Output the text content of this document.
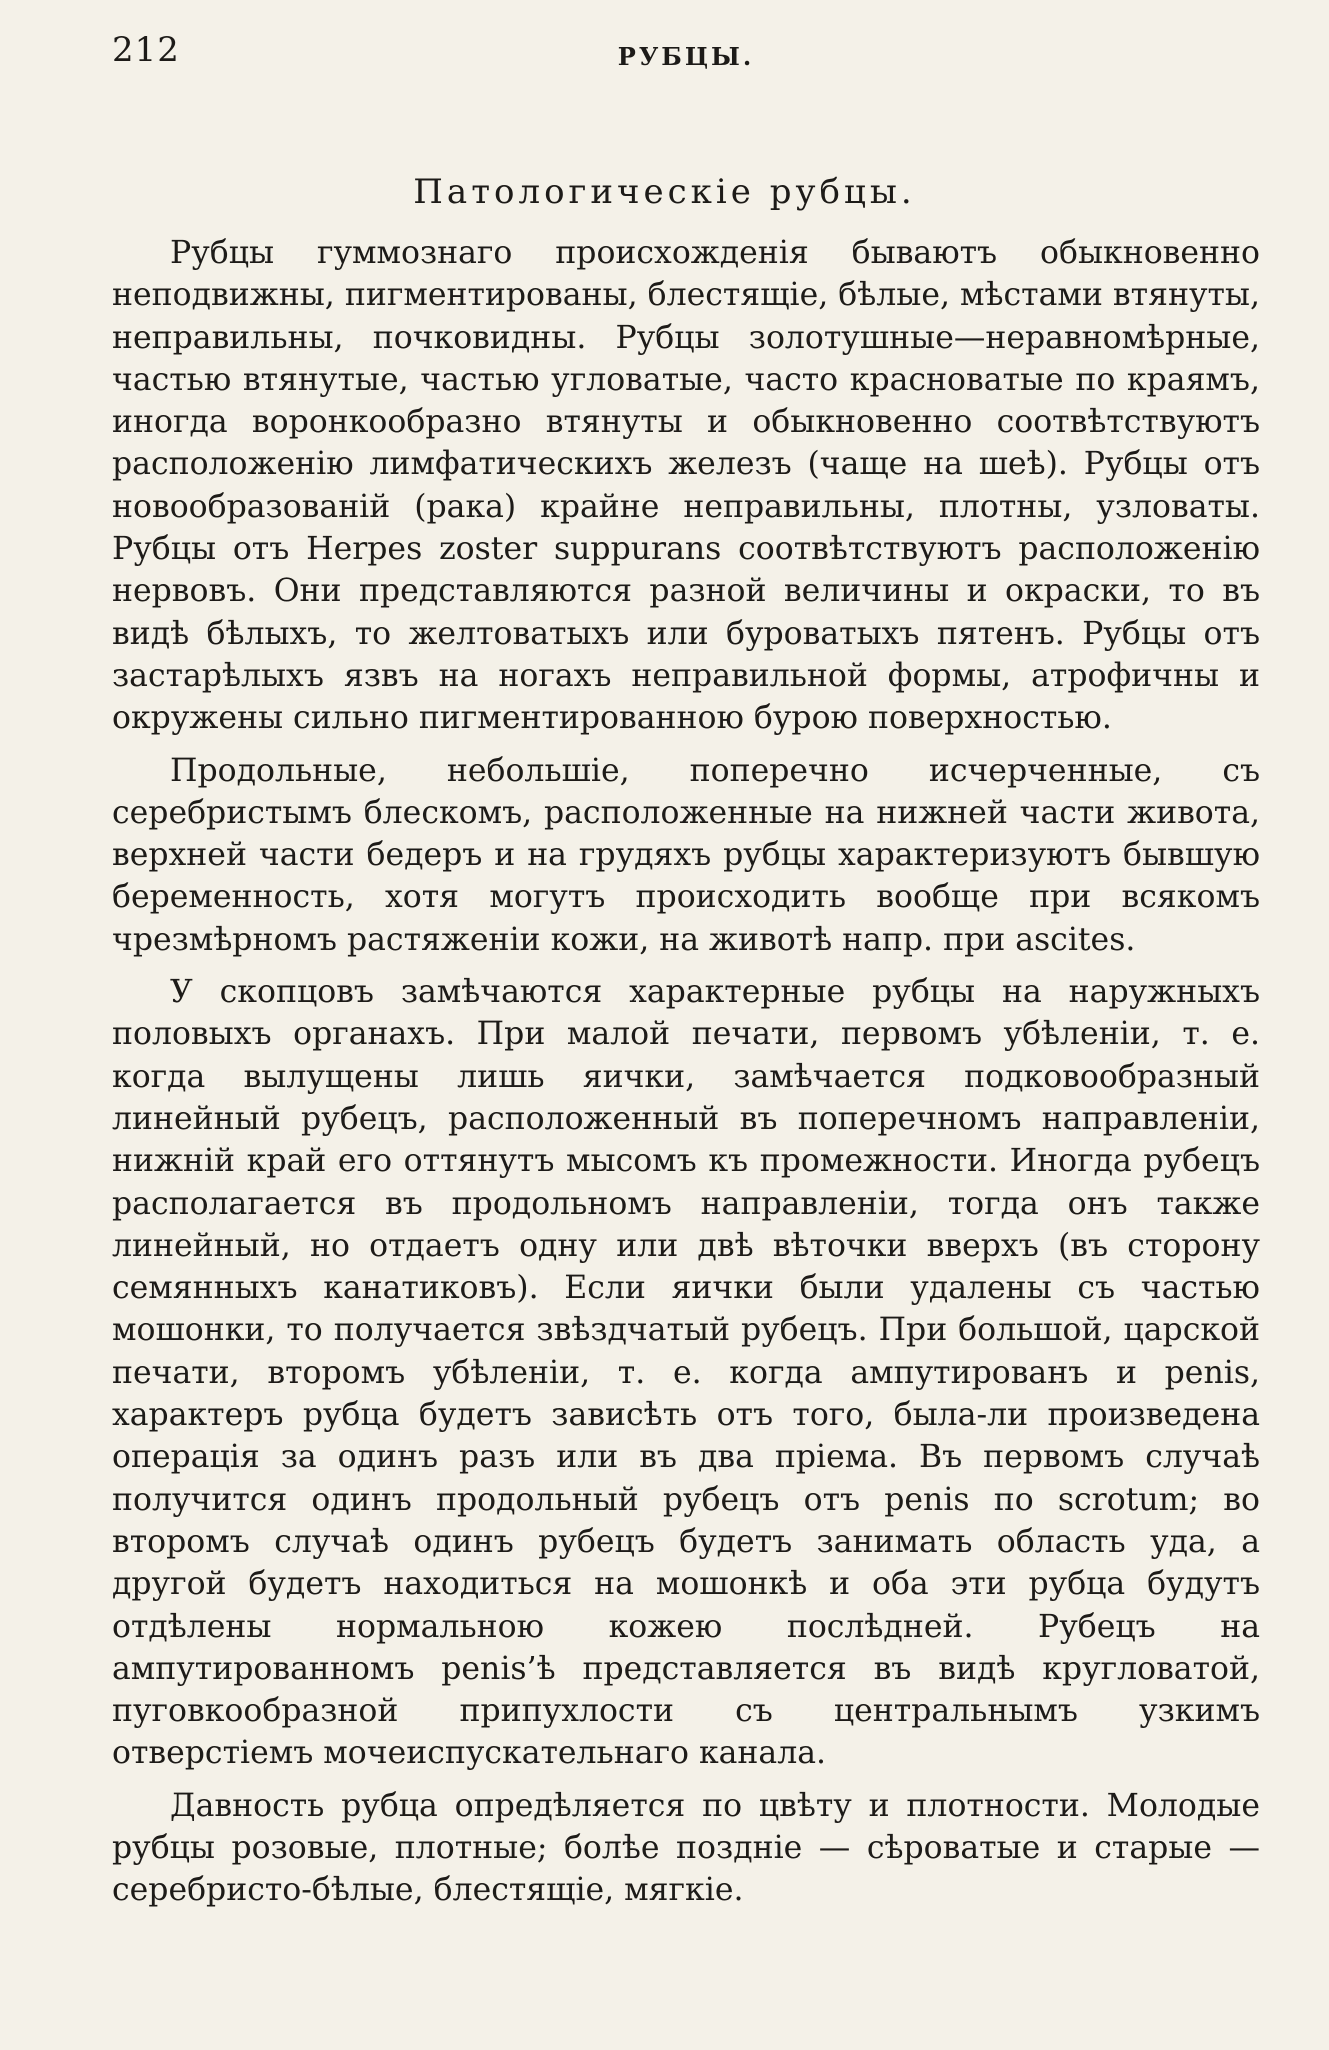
212	РУБЦЫ.
Патологическіе рубцы.

Рубцы гуммознаго происхожденія бываютъ обыкновенно неподвижны, пигментированы, блестящіе, бѣлые, мѣстами втянуты, неправильны, почковидны. Рубцы золотушные—неравномѣрные, частью втянутые, частью угловатые, часто красноватые по краямъ, иногда воронкообразно втянуты и обыкновенно соотвѣтствуютъ расположенію лимфатическихъ железъ (чаще на шеѣ). Рубцы отъ новообразованій (рака) крайне неправильны, плотны, узловаты. Рубцы отъ Herpes zoster suppurans соотвѣтствуютъ расположенію нервовъ. Они представляются разной величины и окраски, то въ видѣ бѣлыхъ, то желтоватыхъ или буроватыхъ пятенъ. Рубцы отъ застарѣлыхъ язвъ на ногахъ неправильной формы, атрофичны и окружены сильно пигментированною бурою поверхностью.

Продольные, небольшіе, поперечно исчерченные, съ серебристымъ блескомъ, расположенные на нижней части живота, верхней части бедеръ и на грудяхъ рубцы характеризуютъ бывшую беременность, хотя могутъ происходить вообще при всякомъ чрезмѣрномъ растяженіи кожи, на животѣ напр. при ascites.

У скопцовъ замѣчаются характерные рубцы на наружныхъ половыхъ органахъ. При малой печати, первомъ убѣленіи, т. е. когда вылущены лишь яички, замѣчается подковообразный линейный рубецъ, расположенный въ поперечномъ направленіи, нижній край его оттянутъ мысомъ къ промежности. Иногда рубецъ располагается въ продольномъ направленіи, тогда онъ также линейный, но отдаетъ одну или двѣ вѣточки вверхъ (въ сторону семянныхъ канатиковъ). Если яички были удалены съ частью мошонки, то получается звѣздчатый рубецъ. При большой, царской печати, второмъ убѣленіи, т. е. когда ампутированъ и penis, характеръ рубца будетъ зависѣть отъ того, была-ли произведена операція за одинъ разъ или въ два пріема. Въ первомъ случаѣ получится одинъ продольный рубецъ отъ penis по scrotum; во второмъ случаѣ одинъ рубецъ будетъ занимать область уда, а другой будетъ находиться на мошонкѣ и оба эти рубца будутъ отдѣлены нормальною кожею послѣдней. Рубецъ на ампутированномъ penis’ѣ представляется въ видѣ кругловатой, пуговкообразной припухлости съ центральнымъ узкимъ отверстіемъ мочеиспускательнаго канала.

Давность рубца опредѣляется по цвѣту и плотности. Молодые рубцы розовые, плотные; болѣе поздніе — сѣроватые и старые — серебристо-бѣлые, блестящіе, мягкіе.
